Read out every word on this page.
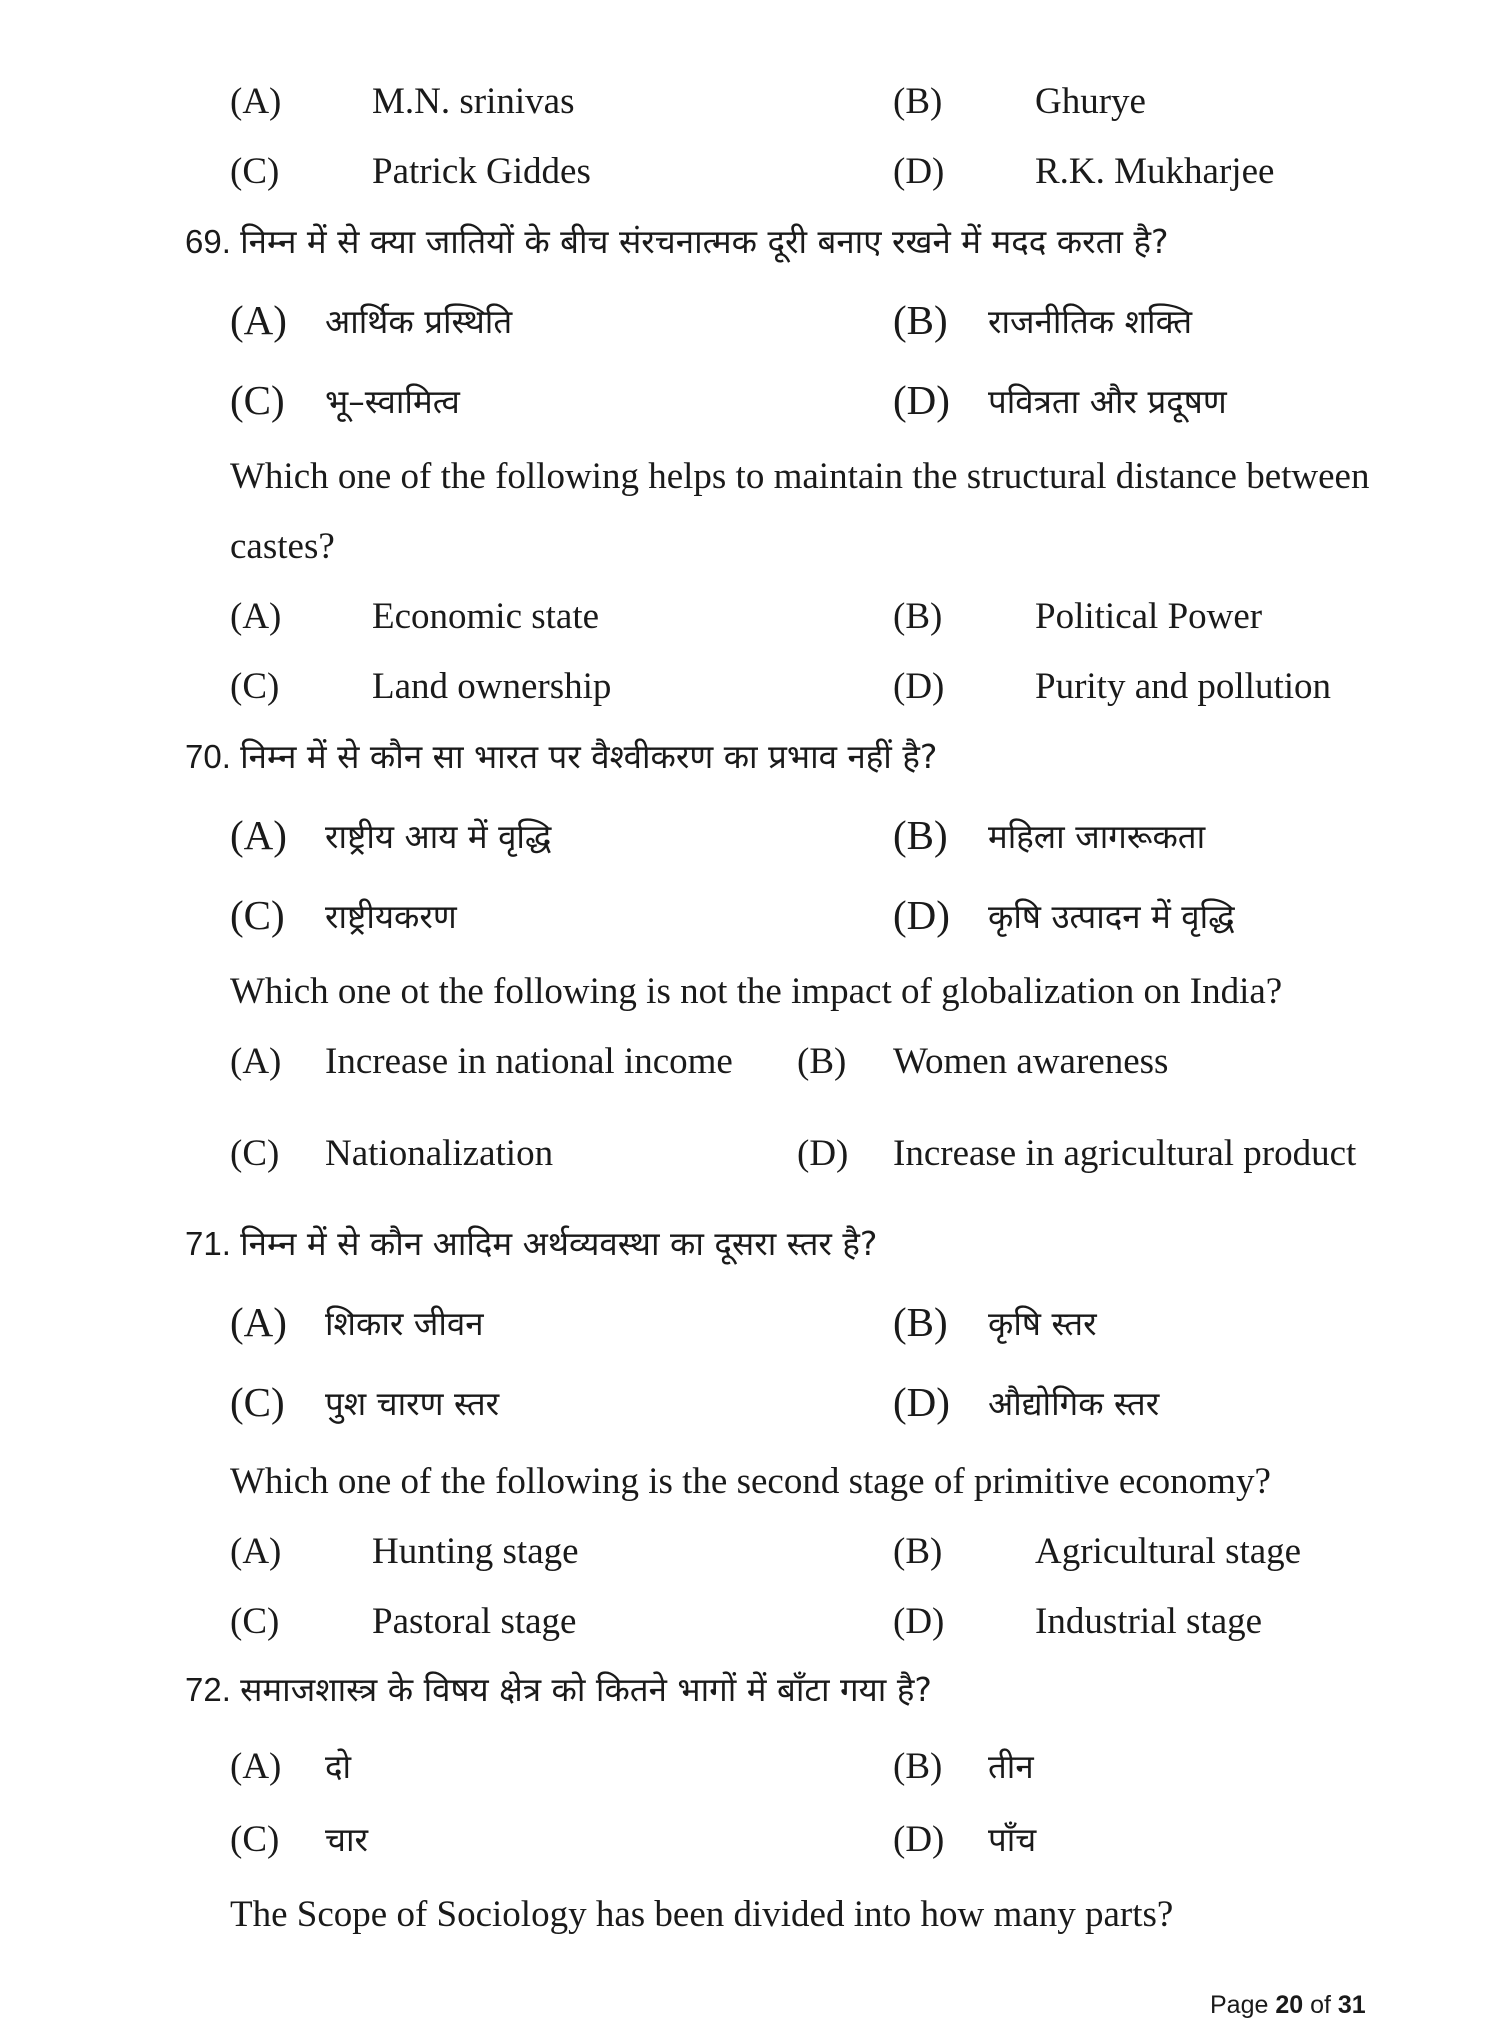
(A) M.N. srinivas	(B)	Ghurye
(C)	Patrick Giddes	(D) R.K. Mukharjee
69. निम्न में से क्या जातियों के बीच संरचनात्मक दूरी बनाए रखने में मदद करता है?
(A) आर्थिक प्रस्थिति	(B) राजनीतिक शक्ति
(C) भू–स्वामित्व	(D) पवित्रता और प्रदूषण
Which one of the following helps to maintain the structural distance between
castes?
(A) Economic state	(B)	Political Power
(C)	Land ownership	(D) Purity and pollution
70. निम्न में से कौन सा भारत पर वैश्वीकरण का प्रभाव नहीं है?
(A) राष्ट्रीय आय में वृद्धि	(B) महिला जागरूकता
(C) राष्ट्रीयकरण	(D) कृषि उत्पादन में वृद्धि
Which one ot the following is not the impact of globalization on India?
(A) Increase in national income (B) Women awareness
(C) Nationalization	(D) Increase in agricultural product
71. निम्न में से कौन आदिम अर्थव्यवस्था का दूसरा स्तर है?
(A) शिकार जीवन	(B) कृषि स्तर
(C) पुश चारण स्तर	(D) औद्योगिक स्तर
Which one of the following is the second stage of primitive economy?
(A) Hunting stage	(B)	Agricultural stage
(C)	Pastoral stage	(D) Industrial stage
72. समाजशास्त्र के विषय क्षेत्र को कितने भागों में बाँटा गया है?
(A) दो	(B) तीन
(C) चार	(D) पाँच
The Scope of Sociology has been divided into how many parts?
Page 20 of 31
